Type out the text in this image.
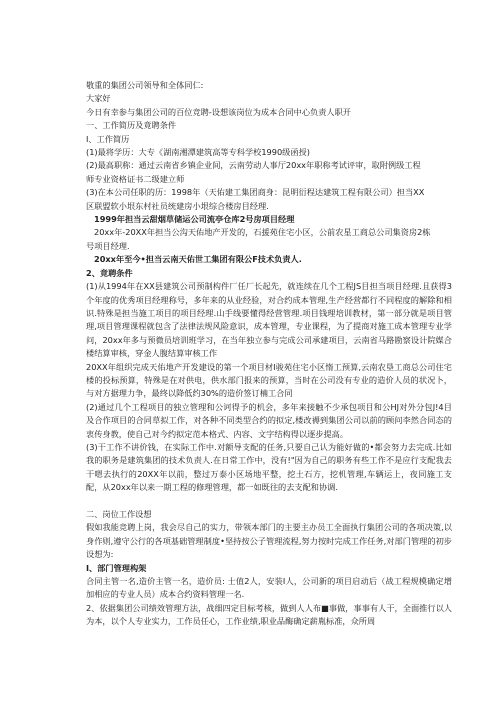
敬重的集团公司领导和全体同仁:
大家好
今日有幸参与集团公司的百位竞聘-设想该岗位为成本合同中心负责人职开
一、工作简历及竟聘条件
I、工作简历
(1)最将学历：大专《湖南湘潭建筑高等专科学校1990级函授)
(2)最高职称：通过云南省乡镇企业间，云南劳动人事厅20xx年职称考试评审，取附例级工程
师专业资格证书二级建立师
(3)在本公司任职的历：1998年（天佑建工集团商身：昆明衍程达建筑工程有限公司）担当XX
区联盟软小垠东村社员统建房小垠综合楼房目经理.
1999年担当云甜烟草储运公司流亭仓库2号房项目经理
20xx年-20XX年担当公沟天佑地产开发的，石援苑住宅小区，公前农星工商总公司集资房2栋
号项目经理.
20xx年至今•担当云南天佑世工集团有限公F技术负责人.
2、竟聘条件
(1)从1994年在XX县建筑公司预制构件厂任厂长起先，就连续在几个工程JS目担当项目经理.且获得3个年度的优秀项目经理称号，多年来的从业经验，对合约成本管理,生产经营都行不同程度的解除和相识.特殊是担当施工项目的项目经理.山手线要懂得经营管理.项目钱理培训教材，第一部分就是项目管理,项目管理课程就包含了法律法规风险意识，成本管理，专业课程，为了提商对施工成本管理专业学问，20xx年多与预微员培训班学习，在当年独立参与完成公司承建项目，云南省马路勘察设计院媒合楼结算审核，穿金人腹结算审核工作
20XX年组织完成天佑地产开发建设的第一个项目材I骏苑住宅小区惰工预算,云南农垦工商总公司住宅楼的投标预算，特殊是在对供电，供水部门报来的预算，当时在公司没有专业的造价人员的状况卜，与对方据理力争，最终以降低约30%的造价签订楠工合同
(2)通过几个工程项目的独立管理和公诃得予的机会，多年来接触不少承包项目和公HJ对外分包J!4目及合作项目的合同草拟工作，对各种不同类型合约的拟定,楼改褥到集团公司以前的顾问李然合同态的衷传身教，使自己对今约拟定范本格式、内容、文字结构得以逐步提高。
(3)干工作不讲价钱，在实际工作中.对额导支配的任务,只要自己认为能好做的•都会努力去完成.比如我的职务是建筑集团的技术负责人.在日常工作中，没有!"因为自己的职务有些工作不是应行支配我去干嗯去执行的20XX年以前，整过万泰小区场地平整，挖土石方，挖机管理,车辆运上，夜同施工支配，从20xx年以来一期工程的修理管理，都一如既往的去支配和协调.
二、岗位工作设想
假如我能竞聘上岗，我会尽自己的实力，带领本部门的主要主办员工全面执行集团公司的各项决策,以身作则,遵守公行的各项基础管理制度•坚持按公子管理流程,努力按时完成工作任务,对部门管理的初步设想为:
I、部门管理构架
合同主管一名,造价主管一名，造价员: 士值2人，安装I人，公司新的项目启动后（战工程规模确定增加相应的专业人员）成本合约资料管理一名.
2、依据集团公司绩效管理方法，战细四定目标考核，做到人人布■事做，事事有人干，全面推行以人为本，以个人专业实力，工作员任心，工作业绩,职业品酶确定薪胤标准，众所周
